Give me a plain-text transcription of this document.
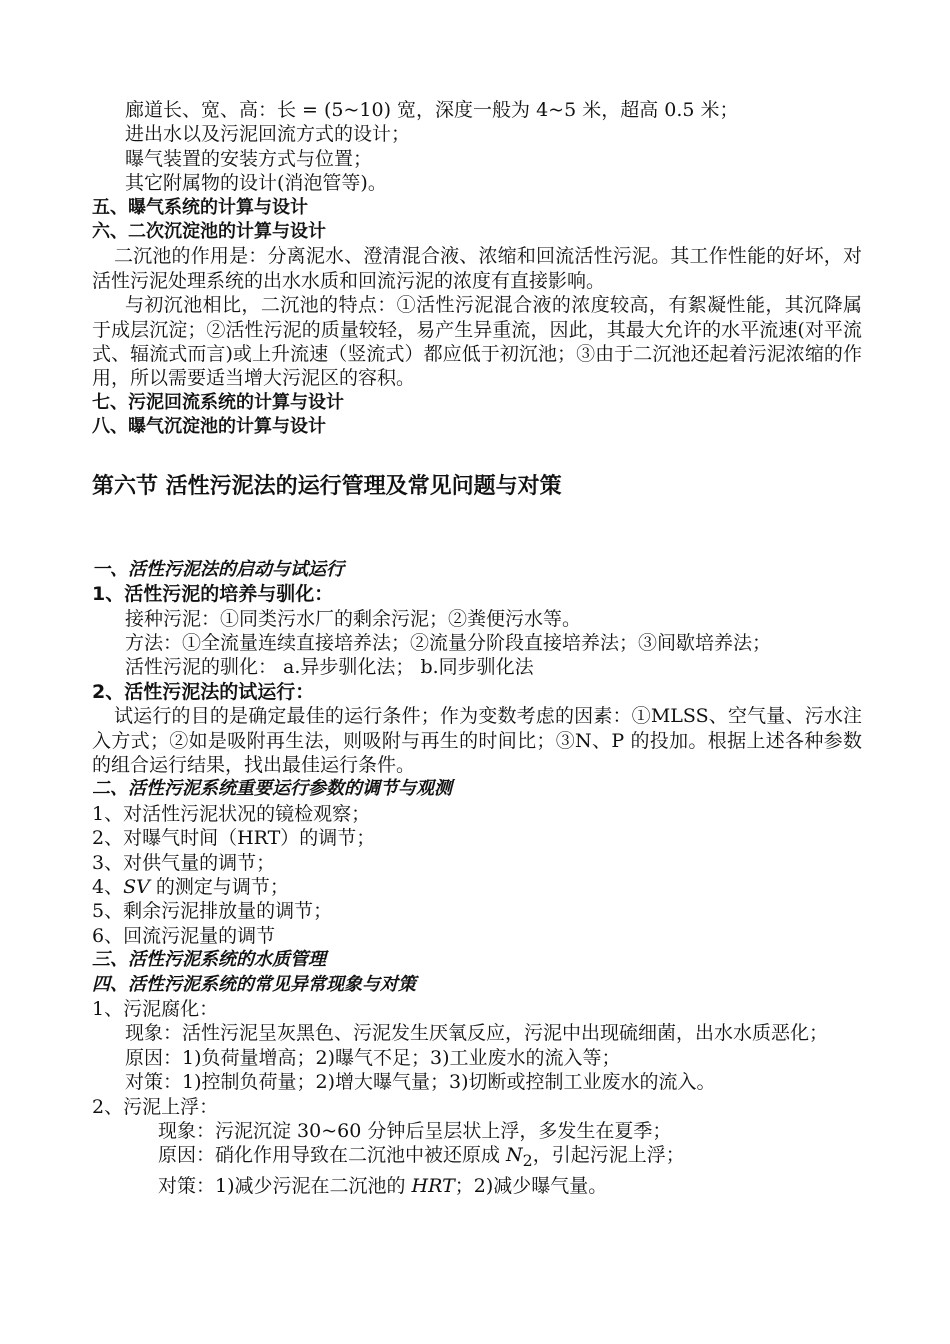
廊道长、宽、高：长 = (5~10) 宽，深度一般为 4~5 米，超高 0.5 米；
进出水以及污泥回流方式的设计；
曝气装置的安装方式与位置；
其它附属物的设计(消泡管等)。
五、曝气系统的计算与设计
六、二次沉淀池的计算与设计
二沉池的作用是：分离泥水、澄清混合液、浓缩和回流活性污泥。其工作性能的好坏，对活性污泥处理系统的出水水质和回流污泥的浓度有直接影响。
与初沉池相比，二沉池的特点：①活性污泥混合液的浓度较高，有絮凝性能，其沉降属于成层沉淀；②活性污泥的质量较轻，易产生异重流，因此，其最大允许的水平流速(对平流式、辐流式而言)或上升流速（竖流式）都应低于初沉池；③由于二沉池还起着污泥浓缩的作用，所以需要适当增大污泥区的容积。
七、污泥回流系统的计算与设计
八、曝气沉淀池的计算与设计
第六节 活性污泥法的运行管理及常见问题与对策
一、活性污泥法的启动与试运行
1、活性污泥的培养与驯化：
接种污泥：①同类污水厂的剩余污泥；②粪便污水等。
方法：①全流量连续直接培养法；②流量分阶段直接培养法；③间歇培养法；
活性污泥的驯化： a.异步驯化法； b.同步驯化法
2、活性污泥法的试运行：
试运行的目的是确定最佳的运行条件；作为变数考虑的因素：①MLSS、空气量、污水注入方式；②如是吸附再生法，则吸附与再生的时间比；③N、P 的投加。根据上述各种参数的组合运行结果，找出最佳运行条件。
二、活性污泥系统重要运行参数的调节与观测
1、对活性污泥状况的镜检观察；
2、对曝气时间（HRT）的调节；
3、对供气量的调节；
4、SV 的测定与调节；
5、剩余污泥排放量的调节；
6、回流污泥量的调节
三、活性污泥系统的水质管理
四、活性污泥系统的常见异常现象与对策
1、污泥腐化：
现象：活性污泥呈灰黑色、污泥发生厌氧反应，污泥中出现硫细菌，出水水质恶化；
原因：1)负荷量增高；2)曝气不足；3)工业废水的流入等；
对策：1)控制负荷量；2)增大曝气量；3)切断或控制工业废水的流入。
2、污泥上浮：
现象：污泥沉淀 30~60 分钟后呈层状上浮，多发生在夏季；
原因：硝化作用导致在二沉池中被还原成 $N_2$，引起污泥上浮；
对策：1)减少污泥在二沉池的 HRT；2)减少曝气量。
